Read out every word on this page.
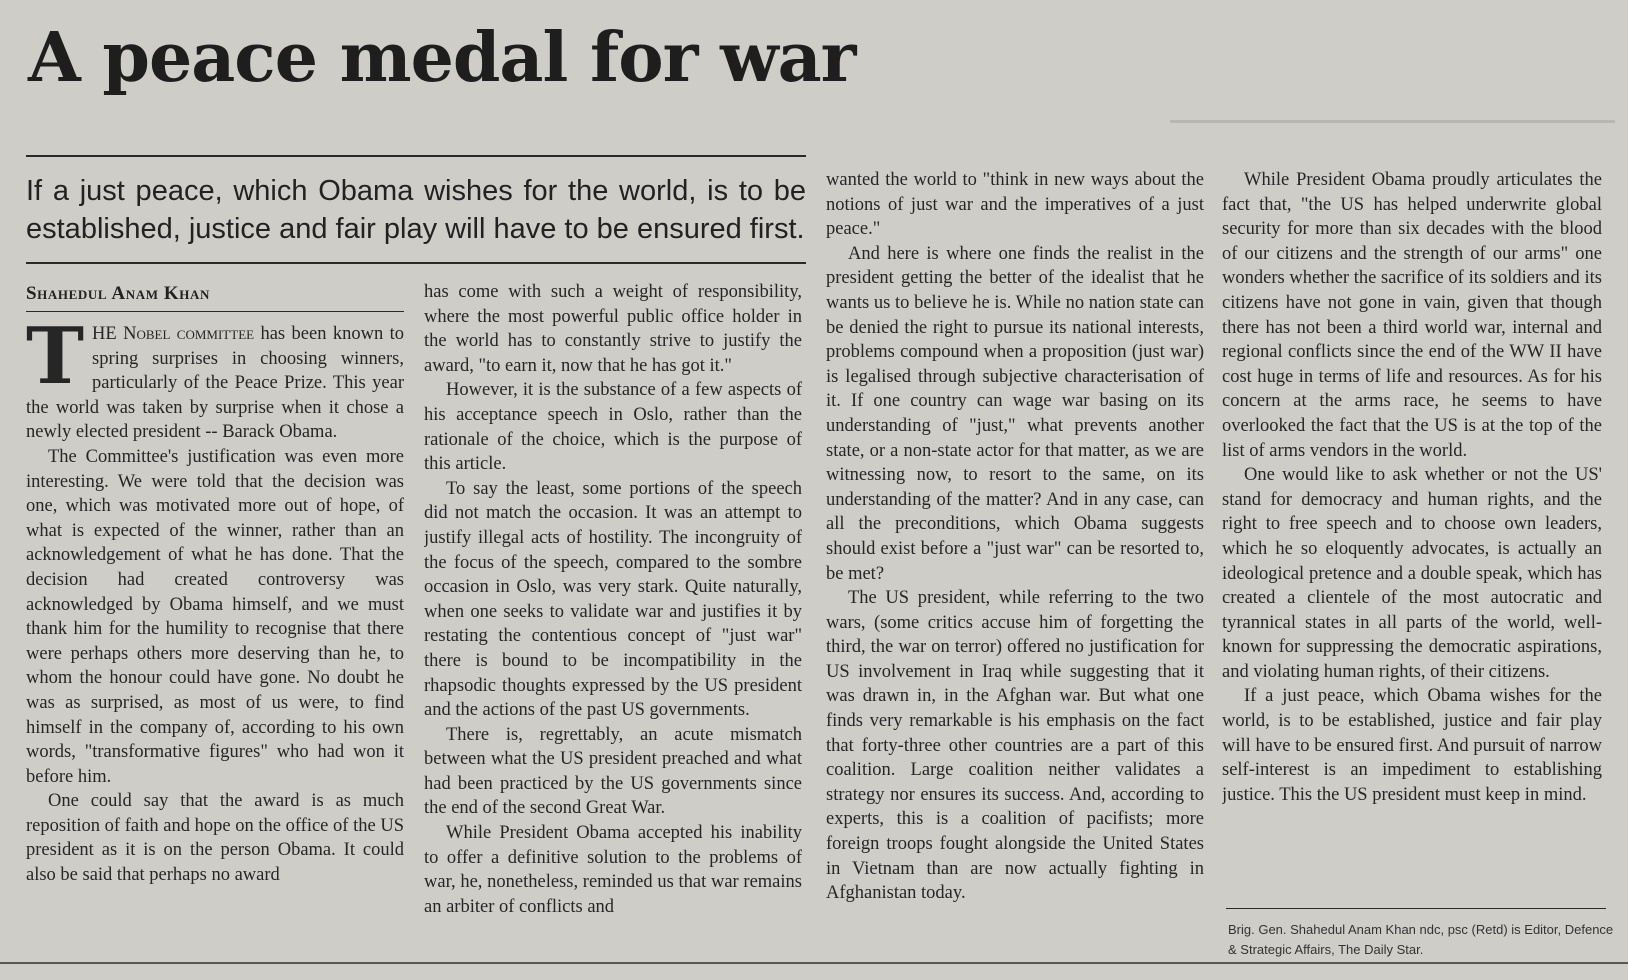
A peace medal for war

If a just peace, which Obama wishes for the world, is to be established, justice and fair play will have to be ensured first.

Shahedul Anam Khan

THE Nobel committee has been known to spring surprises in choosing winners, particularly of the Peace Prize. This year the world was taken by surprise when it chose a newly elected president -- Barack Obama.

The Committee's justification was even more interesting. We were told that the decision was one, which was motivated more out of hope, of what is expected of the winner, rather than an acknowledgement of what he has done. That the decision had created controversy was acknowledged by Obama himself, and we must thank him for the humility to recognise that there were perhaps others more deserving than he, to whom the honour could have gone. No doubt he was as surprised, as most of us were, to find himself in the company of, according to his own words, "transformative figures" who had won it before him.

One could say that the award is as much reposition of faith and hope on the office of the US president as it is on the person Obama. It could also be said that perhaps no award

has come with such a weight of responsibility, where the most powerful public office holder in the world has to constantly strive to justify the award, "to earn it, now that he has got it."

However, it is the substance of a few aspects of his acceptance speech in Oslo, rather than the rationale of the choice, which is the purpose of this article.

To say the least, some portions of the speech did not match the occasion. It was an attempt to justify illegal acts of hostility. The incongruity of the focus of the speech, compared to the sombre occasion in Oslo, was very stark. Quite naturally, when one seeks to validate war and justifies it by restating the contentious concept of "just war" there is bound to be incompatibility in the rhapsodic thoughts expressed by the US president and the actions of the past US governments.

There is, regrettably, an acute mismatch between what the US president preached and what had been practiced by the US governments since the end of the second Great War.

While President Obama accepted his inability to offer a definitive solution to the problems of war, he, nonetheless, reminded us that war remains an arbiter of conflicts and

wanted the world to "think in new ways about the notions of just war and the imperatives of a just peace."

And here is where one finds the realist in the president getting the better of the idealist that he wants us to believe he is. While no nation state can be denied the right to pursue its national interests, problems compound when a proposition (just war) is legalised through subjective characterisation of it. If one country can wage war basing on its understanding of "just," what prevents another state, or a non-state actor for that matter, as we are witnessing now, to resort to the same, on its understanding of the matter? And in any case, can all the preconditions, which Obama suggests should exist before a "just war" can be resorted to, be met?

The US president, while referring to the two wars, (some critics accuse him of forgetting the third, the war on terror) offered no justification for US involvement in Iraq while suggesting that it was drawn in, in the Afghan war. But what one finds very remarkable is his emphasis on the fact that forty-three other countries are a part of this coalition. Large coalition neither validates a strategy nor ensures its success. And, according to experts, this is a coalition of pacifists; more foreign troops fought alongside the United States in Vietnam than are now actually fighting in Afghanistan today.

While President Obama proudly articulates the fact that, "the US has helped underwrite global security for more than six decades with the blood of our citizens and the strength of our arms" one wonders whether the sacrifice of its soldiers and its citizens have not gone in vain, given that though there has not been a third world war, internal and regional conflicts since the end of the WW II have cost huge in terms of life and resources. As for his concern at the arms race, he seems to have overlooked the fact that the US is at the top of the list of arms vendors in the world.

One would like to ask whether or not the US' stand for democracy and human rights, and the right to free speech and to choose own leaders, which he so eloquently advocates, is actually an ideological pretence and a double speak, which has created a clientele of the most autocratic and tyrannical states in all parts of the world, well-known for suppressing the democratic aspirations, and violating human rights, of their citizens.

If a just peace, which Obama wishes for the world, is to be established, justice and fair play will have to be ensured first. And pursuit of narrow self-interest is an impediment to establishing justice. This the US president must keep in mind.

Brig. Gen. Shahedul Anam Khan ndc, psc (Retd) is Editor, Defence & Strategic Affairs, The Daily Star.
